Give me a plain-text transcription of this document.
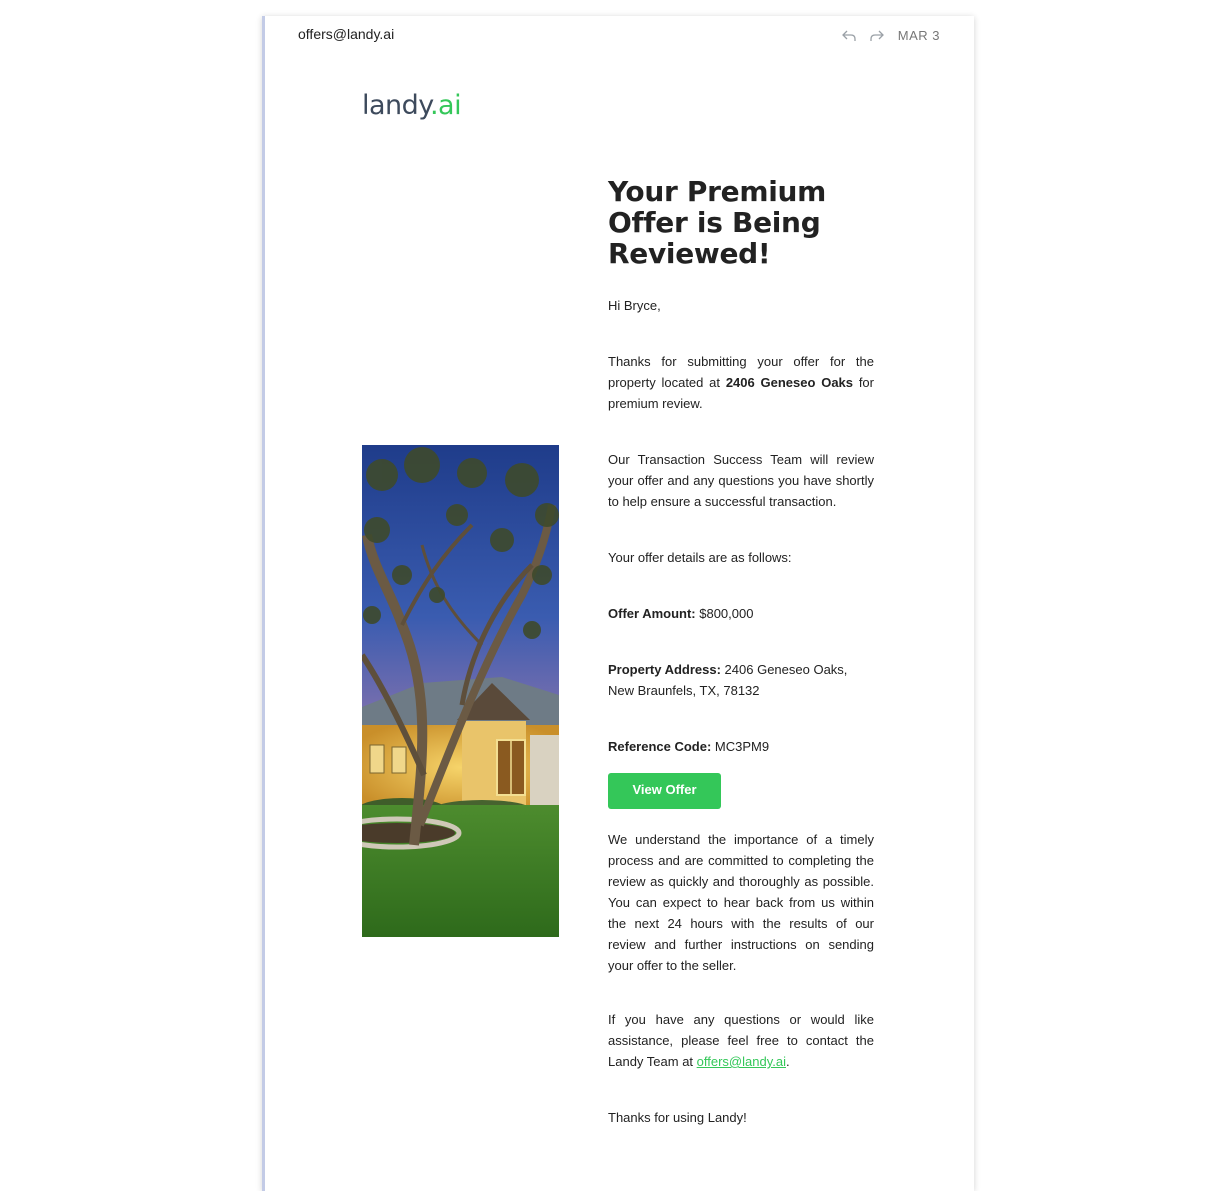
offers@landy.ai	MAR 3
landy.ai
Your Premium Offer is Being Reviewed!

Hi Bryce,

Thanks for submitting your offer for the property located at 2406 Geneseo Oaks for premium review.

Our Transaction Success Team will review your offer and any questions you have shortly to help ensure a successful transaction.

Your offer details are as follows:

Offer Amount: $800,000

Property Address: 2406 Geneseo Oaks, New Braunfels, TX, 78132

Reference Code: MC3PM9

View Offer

We understand the importance of a timely process and are committed to completing the review as quickly and thoroughly as possible. You can expect to hear back from us within the next 24 hours with the results of our review and further instructions on sending your offer to the seller.

If you have any questions or would like assistance, please feel free to contact the Landy Team at offers@landy.ai.

Thanks for using Landy!
